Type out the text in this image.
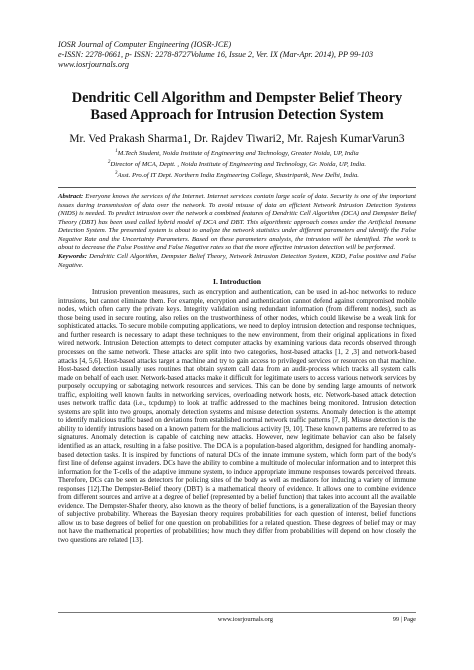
IOSR Journal of Computer Engineering (IOSR-JCE)
e-ISSN: 2278-0661, p- ISSN: 2278-8727Volume 16, Issue 2, Ver. IX (Mar-Apr. 2014), PP 99-103
www.iosrjournals.org
Dendritic Cell Algorithm and Dempster Belief Theory Based Approach for Intrusion Detection System
Mr. Ved Prakash Sharma1, Dr. Rajdev Tiwari2, Mr. Rajesh KumarVarun3
$^1$M.Tech Student, Noida Institute of Engineering and Technology, Greater Noida, UP, India
$^2$Director of MCA, Deptt. , Noida Institute of Engineering and Technology, Gr. Noida, UP, India.
$^3$Asst. Pro.of IT Dept. Northern India Engineering College, Shastripartk, New Delhi, India.
Abstract: Everyone knows the services of the Internet. Internet services contain large scale of data. Security is one of the important issues during transmission of data over the network. To avoid misuse of data an efficient Network Intrusion Detection Systems (NIDS) is needed. To predict intrusion over the network a combined features of Dendritic Cell Algorithm (DCA) and Dempster Belief Theory (DBT) has been used called hybrid model of DCA and DBT. This algorithmic approach comes under the Artificial Immune Detection System. The presented system is about to analyze the network statistics under different parameters and identify the False Negative Rate and the Uncertainty Parameters. Based on these parameters analysis, the intrusion will be identified. The work is about to decrease the False Positive and False Negative rates so that the more effective intrusion detection will be performed.
Keywords: Dendritic Cell Algorithm, Dempster Belief Theory, Network Intrusion Detection System, KDD, False positive and False Negative.
I. Introduction

Intrusion prevention measures, such as encryption and authentication, can be used in ad-hoc networks to reduce intrusions, but cannot eliminate them. For example, encryption and authentication cannot defend against compromised mobile nodes, which often carry the private keys. Integrity validation using redundant information (from different nodes), such as those being used in secure routing, also relies on the trustworthiness of other nodes, which could likewise be a weak link for sophisticated attacks. To secure mobile computing applications, we need to deploy intrusion detection and response techniques, and further research is necessary to adapt these techniques to the new environment, from their original applications in fixed wired network. Intrusion Detection attempts to detect computer attacks by examining various data records observed through processes on the same network. These attacks are split into two categories, host-based attacks [1, 2 ,3] and network-based attacks [4, 5,6]. Host-based attacks target a machine and try to gain access to privileged services or resources on that machine. Host-based detection usually uses routines that obtain system call data from an audit-process which tracks all system calls made on behalf of each user. Network-based attacks make it difficult for legitimate users to access various network services by purposely occupying or sabotaging network resources and services. This can be done by sending large amounts of network traffic, exploiting well known faults in networking services, overloading network hosts, etc. Network-based attack detection uses network traffic data (i.e., tcpdump) to look at traffic addressed to the machines being monitored. Intrusion detection systems are split into two groups, anomaly detection systems and misuse detection systems. Anomaly detection is the attempt to identify malicious traffic based on deviations from established normal network traffic patterns [7, 8]. Misuse detection is the ability to identify intrusions based on a known pattern for the malicious activity [9, 10]. These known patterns are referred to as signatures. Anomaly detection is capable of catching new attacks. However, new legitimate behavior can also be falsely identified as an attack, resulting in a false positive. The DCA is a population-based algorithm, designed for handling anomaly-based detection tasks. It is inspired by functions of natural DCs of the innate immune system, which form part of the body's first line of defense against invaders. DCs have the ability to combine a multitude of molecular information and to interpret this information for the T-cells of the adaptive immune system, to induce appropriate immune responses towards perceived threats. Therefore, DCs can be seen as detectors for policing sites of the body as well as mediators for inducing a variety of immune responses [12].The Dempster-Belief theory (DBT) is a mathematical theory of evidence. It allows one to combine evidence from different sources and arrive at a degree of belief (represented by a belief function) that takes into account all the available evidence. The Dempster-Shafer theory, also known as the theory of belief functions, is a generalization of the Bayesian theory of subjective probability. Whereas the Bayesian theory requires probabilities for each question of interest, belief functions allow us to base degrees of belief for one question on probabilities for a related question. These degrees of belief may or may not have the mathematical properties of probabilities; how much they differ from probabilities will depend on how closely the two questions are related [13].

www.iosrjournals.org	99 | Page
